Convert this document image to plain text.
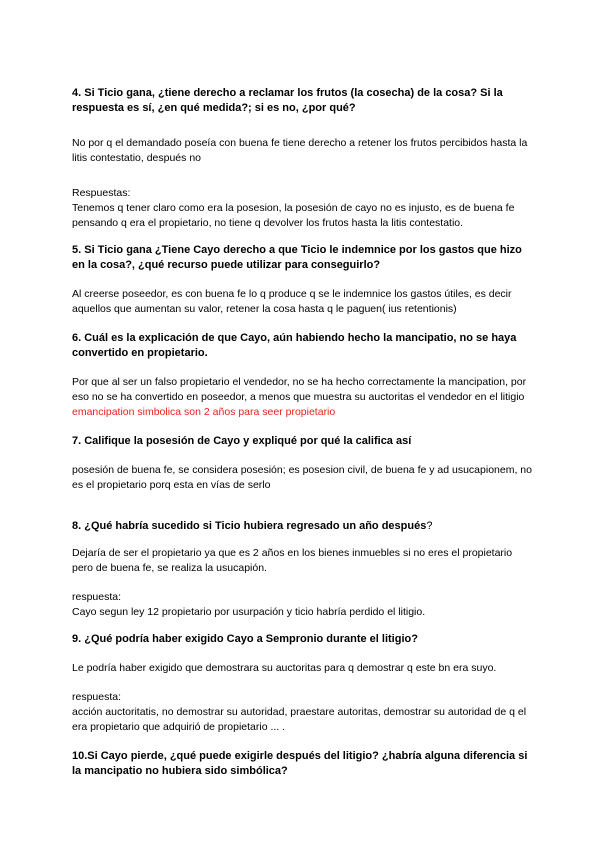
4. Si Ticio gana, ¿tiene derecho a reclamar los frutos (la cosecha) de la cosa? Si la respuesta es sí, ¿en qué medida?; si es no, ¿por qué?

No por q el demandado poseía con buena fe tiene derecho a retener los frutos percibidos hasta la litis contestatio, después no

Respuestas:

Tenemos q tener claro como era la posesion, la posesión de cayo no es injusto, es de buena fe pensando q era el propietario, no tiene q devolver los frutos hasta la litis contestatio.

5. Si Ticio gana ¿Tiene Cayo derecho a que Ticio le indemnice por los gastos que hizo en la cosa?, ¿qué recurso puede utilizar para conseguirlo?

Al creerse poseedor, es con buena fe lo q produce q se le indemnice los gastos útiles, es decir aquellos que aumentan su valor, retener la cosa hasta q le paguen( ius retentionis)

6. Cuál es la explicación de que Cayo, aún habiendo hecho la mancipatio, no se haya convertido en propietario.

Por que al ser un falso propietario el vendedor, no se ha hecho correctamente la mancipation, por eso no se ha convertido en poseedor, a menos que muestra su auctoritas el vendedor en el litigio emancipation simbolica son 2 años para seer propietario

7. Califique la posesión de Cayo y expliqué por qué la califica así

posesión de buena fe, se considera posesión; es posesion civil, de buena fe y ad usucapionem, no es el propietario porq esta en vías de serlo

8. ¿Qué habría sucedido si Ticio hubiera regresado un año después?

Dejaría de ser el propietario ya que es 2 años en los bienes inmuebles si no eres el propietario pero de buena fe, se realiza la usucapión.

respuesta:

Cayo segun ley 12 propietario por usurpación y ticio habría perdido el litigio.

9. ¿Qué podría haber exigido Cayo a Sempronio durante el litigio?

Le podría haber exigido que demostrara su auctoritas para q demostrar q este bn era suyo.

respuesta:

acción auctoritatis, no demostrar su autoridad, praestare autoritas, demostrar su autoridad de q el era propietario que adquirió de propietario ... .

10.Si Cayo pierde, ¿qué puede exigirle después del litigio? ¿habría alguna diferencia si la mancipatio no hubiera sido simbólica?
